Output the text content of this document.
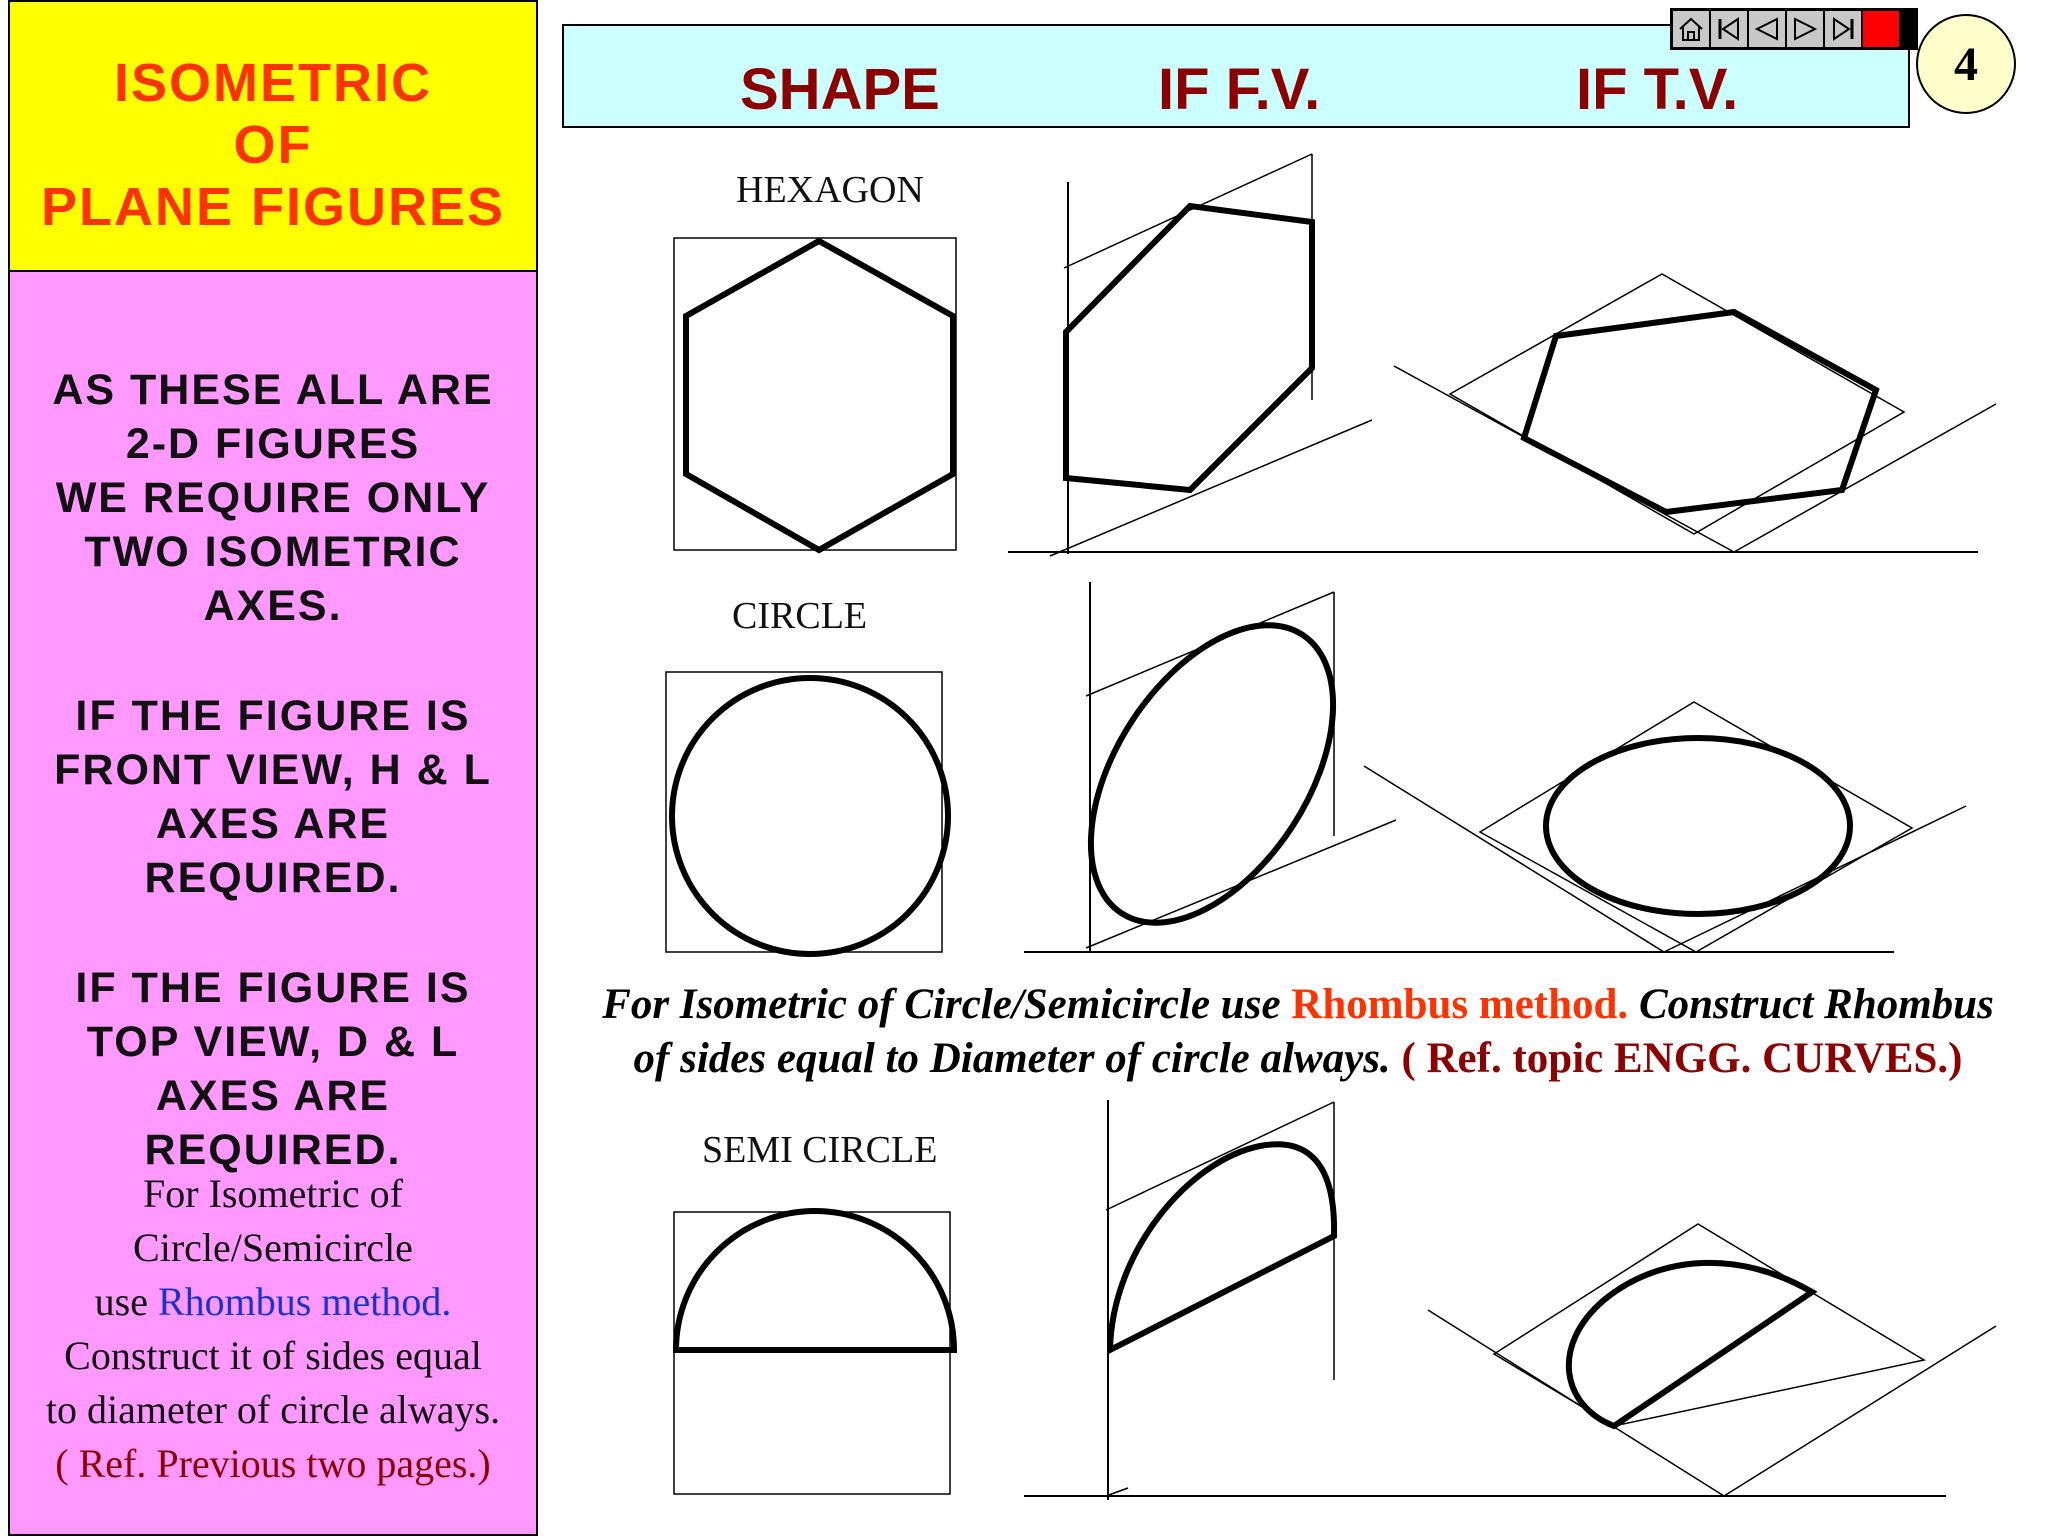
ISOMETRIC
OF
PLANE FIGURES
AS THESE ALL ARE
2-D FIGURES
WE REQUIRE ONLY
TWO ISOMETRIC
AXES.
IF THE FIGURE IS
FRONT VIEW, H & L
AXES ARE
REQUIRED.
IF THE FIGURE IS
TOP VIEW, D & L
AXES ARE
REQUIRED.
For Isometric of
Circle/Semicircle
use Rhombus method.
Construct it of sides equal
to diameter of circle always.
( Ref. Previous two pages.)
SHAPE	IF F.V.	IF T.V.	4
HEXAGON
CIRCLE
SEMI CIRCLE
For Isometric of Circle/Semicircle use Rhombus method. Construct Rhombus
of sides equal to Diameter of circle always. ( Ref. topic ENGG. CURVES.)
